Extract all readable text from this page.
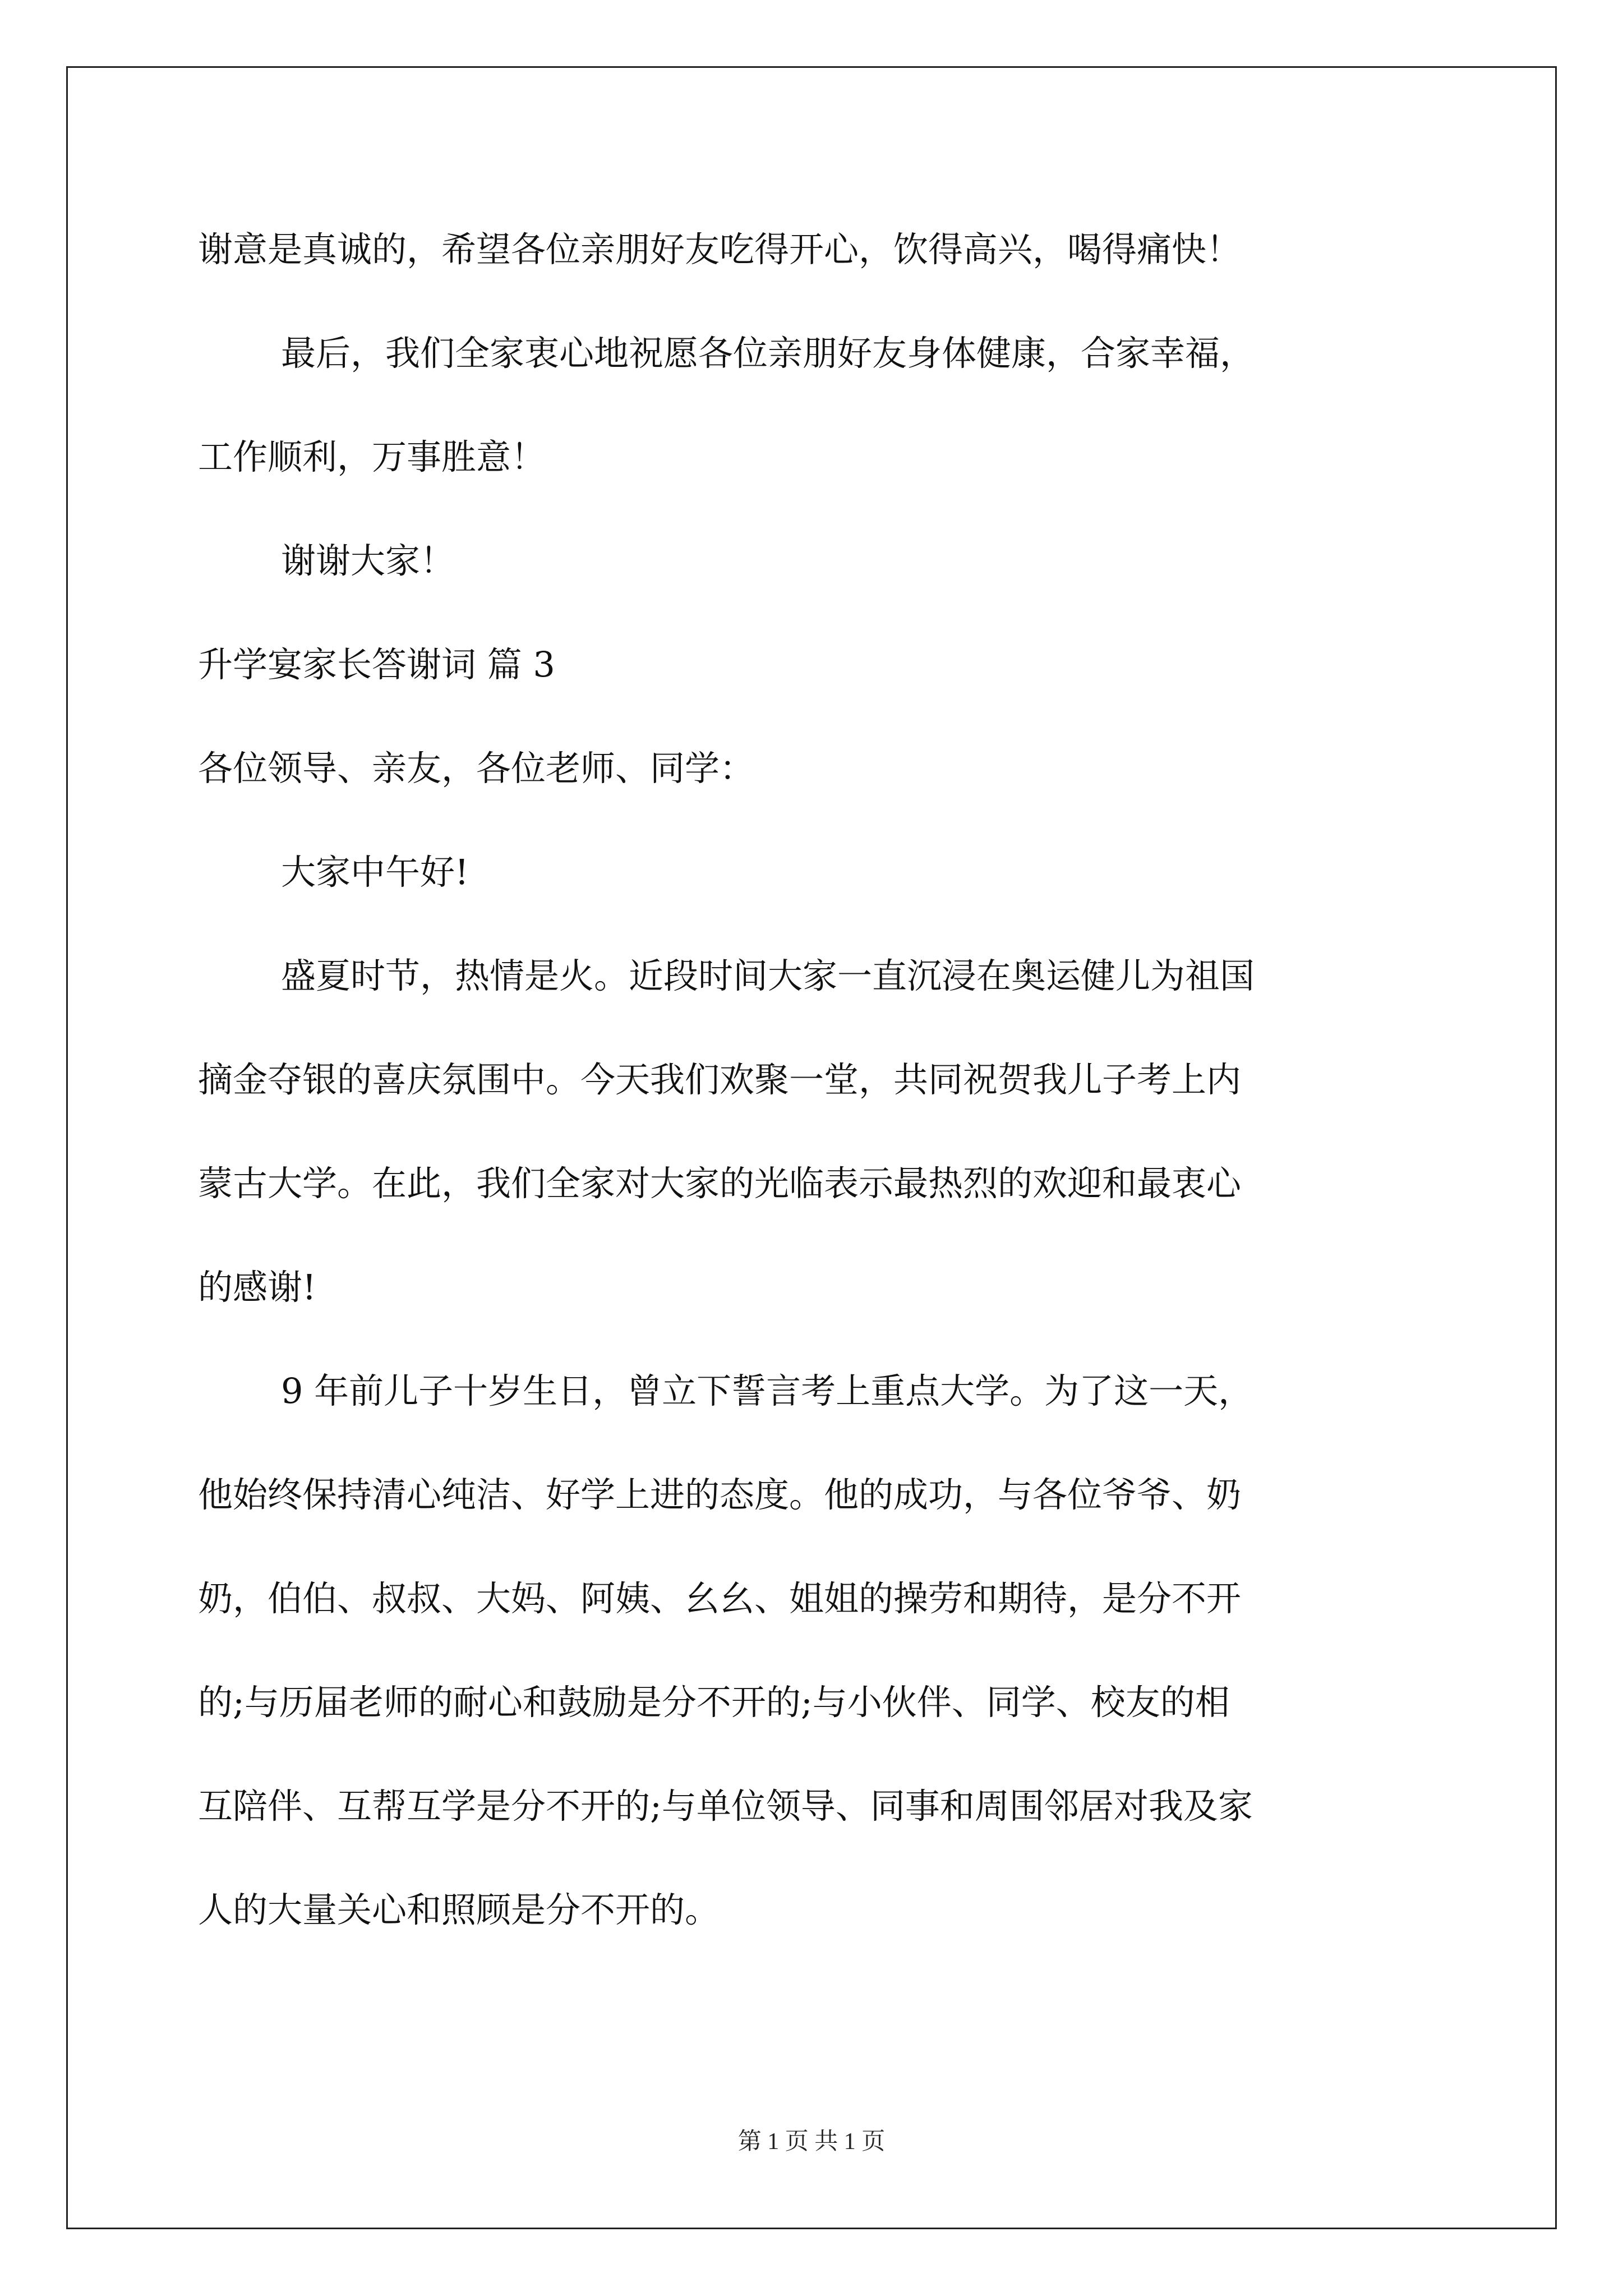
谢意是真诚的，希望各位亲朋好友吃得开心，饮得高兴，喝得痛快！
最后，我们全家衷心地祝愿各位亲朋好友身体健康，合家幸福，
工作顺利，万事胜意！
谢谢大家！
升学宴家长答谢词 篇 3
各位领导、亲友，各位老师、同学：
大家中午好!
盛夏时节，热情是火。近段时间大家一直沉浸在奥运健儿为祖国
摘金夺银的喜庆氛围中。今天我们欢聚一堂，共同祝贺我儿子考上内
蒙古大学。在此，我们全家对大家的光临表示最热烈的欢迎和最衷心
的感谢!
9 年前儿子十岁生日，曾立下誓言考上重点大学。为了这一天，
他始终保持清心纯洁、好学上进的态度。他的成功，与各位爷爷、奶
奶，伯伯、叔叔、大妈、阿姨、幺幺、姐姐的操劳和期待，是分不开
的;与历届老师的耐心和鼓励是分不开的;与小伙伴、同学、校友的相
互陪伴、互帮互学是分不开的;与单位领导、同事和周围邻居对我及家
人的大量关心和照顾是分不开的。
第 1 页 共 1 页
